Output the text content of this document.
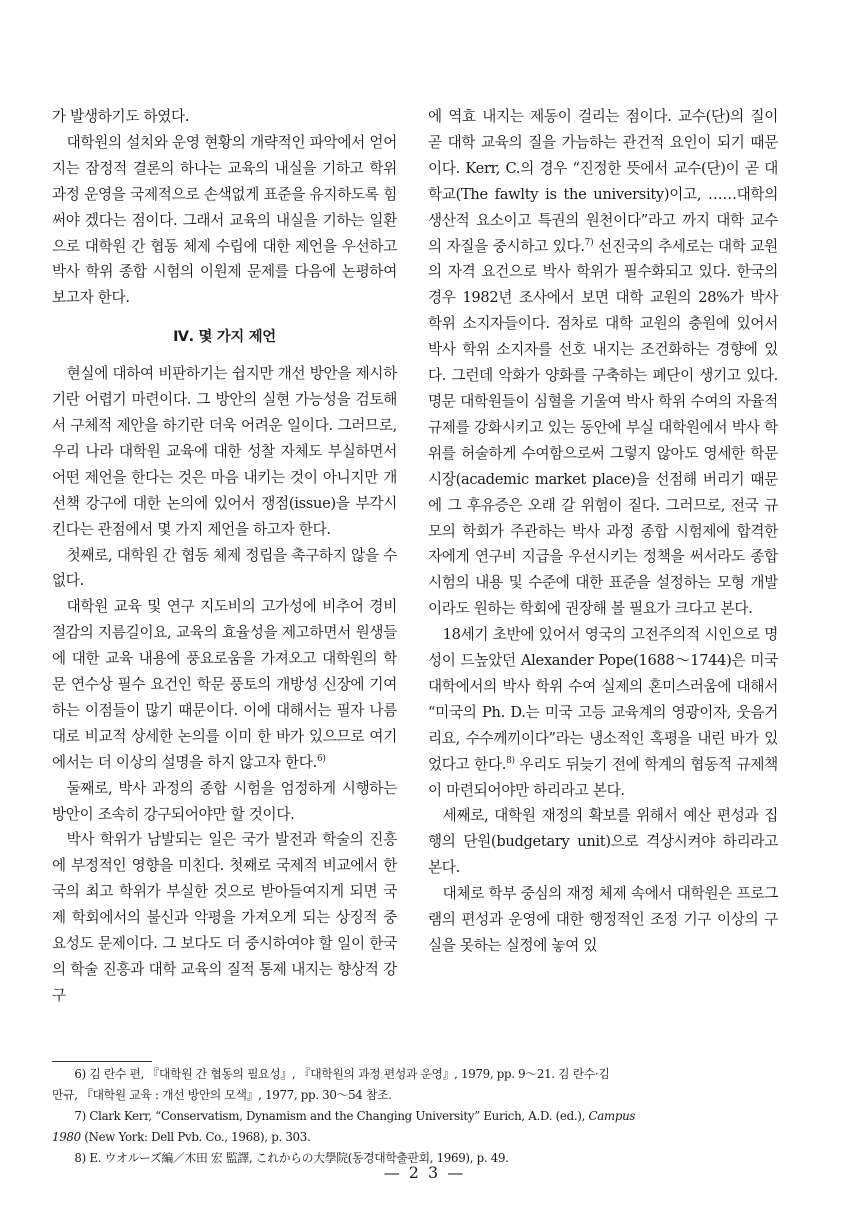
가 발생하기도 하였다.

대학원의 설치와 운영 현황의 개략적인 파악에서 얻어지는 잠정적 결론의 하나는 교육의 내실을 기하고 학위 과정 운영을 국제적으로 손색없게 표준을 유지하도록 힘써야 겠다는 점이다. 그래서 교육의 내실을 기하는 일환으로 대학원 간 협동 체제 수립에 대한 제언을 우선하고 박사 학위 종합 시험의 이원제 문제를 다음에 논평하여 보고자 한다.

Ⅳ. 몇 가지 제언

현실에 대하여 비판하기는 쉽지만 개선 방안을 제시하기란 어렵기 마련이다. 그 방안의 실현 가능성을 검토해서 구체적 제안을 하기란 더욱 어려운 일이다. 그러므로, 우리 나라 대학원 교육에 대한 성찰 자체도 부실하면서 어떤 제언을 한다는 것은 마음 내키는 것이 아니지만 개선책 강구에 대한 논의에 있어서 쟁점(issue)을 부각시킨다는 관점에서 몇 가지 제언을 하고자 한다.

첫째로, 대학원 간 협동 체제 정립을 촉구하지 않을 수 없다.

대학원 교육 및 연구 지도비의 고가성에 비추어 경비 절감의 지름길이요, 교육의 효율성을 제고하면서 원생들에 대한 교육 내용에 풍요로움을 가져오고 대학원의 학문 연수상 필수 요건인 학문 풍토의 개방성 신장에 기여하는 이점들이 많기 때문이다. 이에 대해서는 필자 나름대로 비교적 상세한 논의를 이미 한 바가 있으므로 여기에서는 더 이상의 설명을 하지 않고자 한다.$^{6)}$

둘째로, 박사 과정의 종합 시험을 엄정하게 시행하는 방안이 조속히 강구되어야만 할 것이다.

박사 학위가 남발되는 일은 국가 발전과 학술의 진흥에 부정적인 영향을 미친다. 첫째로 국제적 비교에서 한국의 최고 학위가 부실한 것으로 받아들여지게 되면 국제 학회에서의 불신과 악평을 가져오게 되는 상징적 중요성도 문제이다. 그 보다도 더 중시하여야 할 일이 한국의 학술 진흥과 대학 교육의 질적 통제 내지는 향상적 강구

에 역효 내지는 제동이 걸리는 점이다. 교수(단)의 질이 곧 대학 교육의 질을 가늠하는 관건적 요인이 되기 때문이다. Kerr, C.의 경우 “진정한 뜻에서 교수(단)이 곧 대학교(The fawlty is the university)이고, ……대학의 생산적 요소이고 특권의 원천이다”라고 까지 대학 교수의 자질을 중시하고 있다.$^{7)}$ 선진국의 추세로는 대학 교원의 자격 요건으로 박사 학위가 필수화되고 있다. 한국의 경우 1982년 조사에서 보면 대학 교원의 28%가 박사 학위 소지자들이다. 점차로 대학 교원의 충원에 있어서 박사 학위 소지자를 선호 내지는 조건화하는 경향에 있다. 그런데 악화가 양화를 구축하는 폐단이 생기고 있다. 명문 대학원들이 심혈을 기울여 박사 학위 수여의 자율적 규제를 강화시키고 있는 동안에 부실 대학원에서 박사 학위를 허술하게 수여함으로써 그렇지 않아도 영세한 학문 시장(academic market place)을 선점해 버리기 때문에 그 후유증은 오래 갈 위험이 짙다. 그러므로, 전국 규모의 학회가 주관하는 박사 과정 종합 시험제에 합격한 자에게 연구비 지급을 우선시키는 정책을 써서라도 종합 시험의 내용 및 수준에 대한 표준을 설정하는 모형 개발이라도 원하는 학회에 권장해 볼 필요가 크다고 본다.

18세기 초반에 있어서 영국의 고전주의적 시인으로 명성이 드높았던 Alexander Pope(1688～1744)은 미국 대학에서의 박사 학위 수여 실제의 혼미스러움에 대해서 “미국의 Ph. D.는 미국 고등 교육계의 영광이자, 웃음거리요, 수수께끼이다”라는 냉소적인 혹평을 내린 바가 있었다고 한다.$^{8)}$ 우리도 뒤늦기 전에 학계의 협동적 규제책이 마련되어야만 하리라고 본다.

세째로, 대학원 재정의 확보를 위해서 예산 편성과 집행의 단원(budgetary unit)으로 격상시켜야 하리라고 본다.

대체로 학부 중심의 재정 체제 속에서 대학원은 프로그램의 편성과 운영에 대한 행정적인 조정 기구 이상의 구실을 못하는 실정에 놓여 있

6) 김 란수 편, 『대학원 간 협동의 필요성』, 『대학원의 과정 편성과 운영』, 1979, pp. 9～21. 김 란수·김

만규, 『대학원 교육 : 개선 방안의 모색』, 1977, pp. 30～54 참조.

7) Clark Kerr, “Conservatism, Dynamism and the Changing University” Eurich, A.D. (ed.), Campus

1980 (New York: Dell Pvb. Co., 1968), p. 303.

8) E. ウオルーズ編／木田 宏 監譯, これからの大學院(동경대학출판회, 1969), p. 49.

— 2 3 —
